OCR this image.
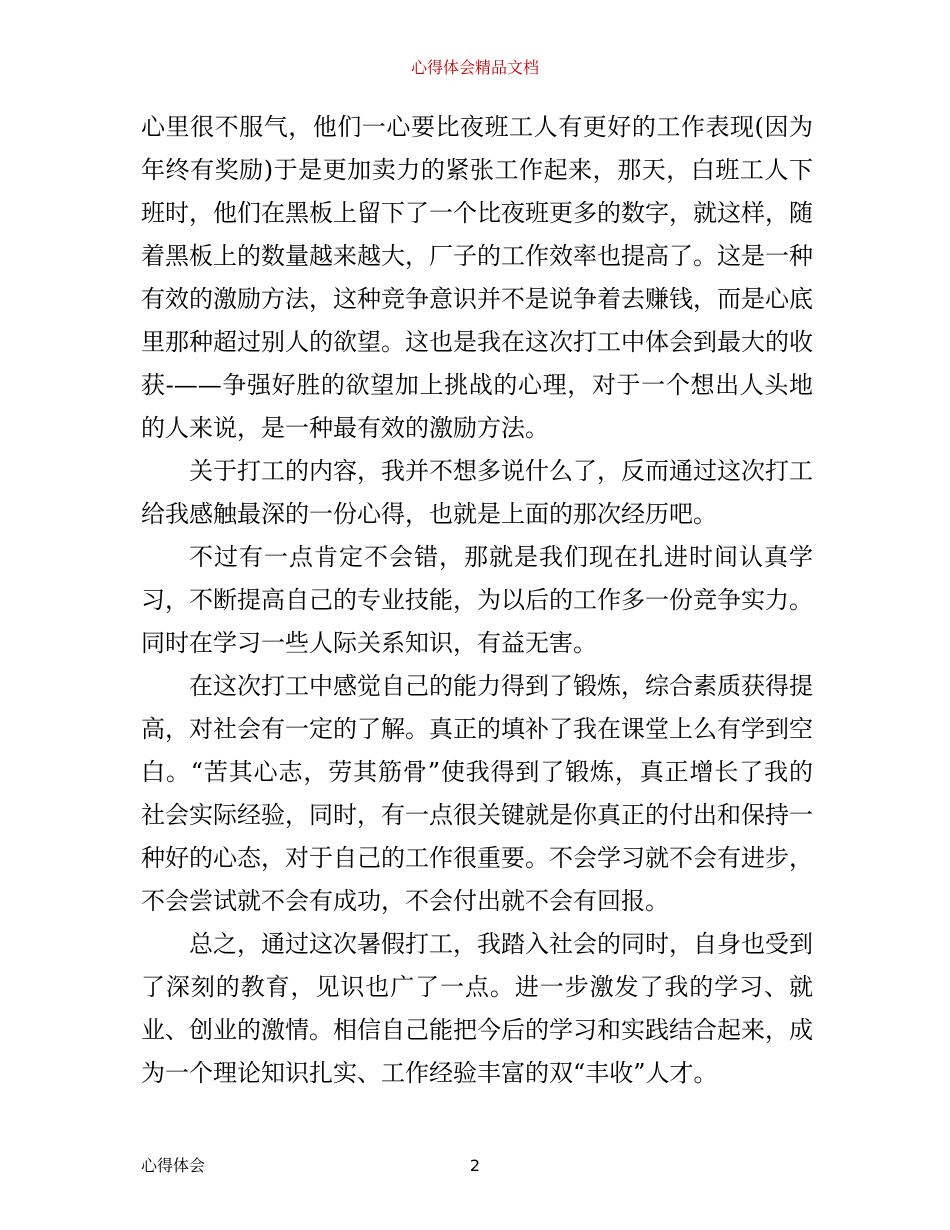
心得体会精品文档

心里很不服气，他们一心要比夜班工人有更好的工作表现(因为年终有奖励)于是更加卖力的紧张工作起来，那天，白班工人下班时，他们在黑板上留下了一个比夜班更多的数字，就这样，随着黑板上的数量越来越大，厂子的工作效率也提高了。这是一种有效的激励方法，这种竞争意识并不是说争着去赚钱，而是心底里那种超过别人的欲望。这也是我在这次打工中体会到最大的收获-——争强好胜的欲望加上挑战的心理，对于一个想出人头地的人来说，是一种最有效的激励方法。

关于打工的内容，我并不想多说什么了，反而通过这次打工给我感触最深的一份心得，也就是上面的那次经历吧。

不过有一点肯定不会错，那就是我们现在扎进时间认真学习，不断提高自己的专业技能，为以后的工作多一份竞争实力。同时在学习一些人际关系知识，有益无害。

在这次打工中感觉自己的能力得到了锻炼，综合素质获得提高，对社会有一定的了解。真正的填补了我在课堂上么有学到空白。“苦其心志，劳其筋骨”使我得到了锻炼，真正增长了我的社会实际经验，同时，有一点很关键就是你真正的付出和保持一种好的心态，对于自己的工作很重要。不会学习就不会有进步，不会尝试就不会有成功，不会付出就不会有回报。

总之，通过这次暑假打工，我踏入社会的同时，自身也受到了深刻的教育，见识也广了一点。进一步激发了我的学习、就业、创业的激情。相信自己能把今后的学习和实践结合起来，成为一个理论知识扎实、工作经验丰富的双“丰收”人才。

心得体会	2
